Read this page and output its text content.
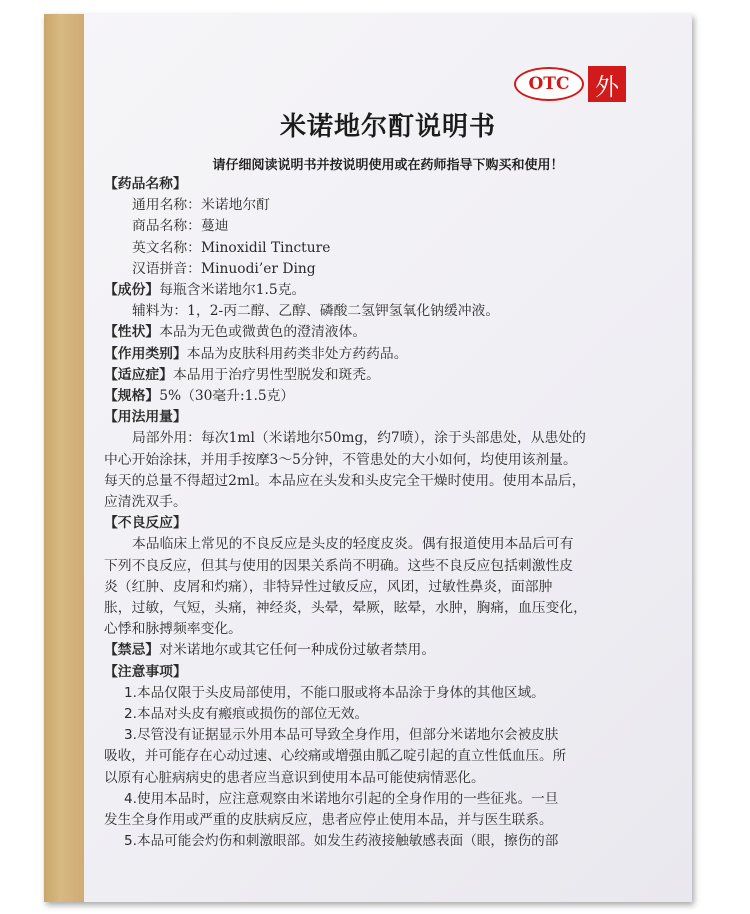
OTC	外
米诺地尔酊说明书
请仔细阅读说明书并按说明使用或在药师指导下购买和使用！
【药品名称】
通用名称：米诺地尔酊
商品名称：蔓迪
英文名称：Minoxidil Tincture
汉语拼音：Minuodi’er Ding
【成份】每瓶含米诺地尔1.5克。
辅料为：1，2-丙二醇、乙醇、磷酸二氢钾氢氧化钠缓冲液。
【性状】本品为无色或微黄色的澄清液体。
【作用类别】本品为皮肤科用药类非处方药药品。
【适应症】本品用于治疗男性型脱发和斑秃。
【规格】5%（30毫升:1.5克）
【用法用量】
局部外用：每次1ml（米诺地尔50mg，约7喷），涂于头部患处，从患处的
中心开始涂抹，并用手按摩3～5分钟，不管患处的大小如何，均使用该剂量。
每天的总量不得超过2ml。本品应在头发和头皮完全干燥时使用。使用本品后，
应清洗双手。
【不良反应】
本品临床上常见的不良反应是头皮的轻度皮炎。偶有报道使用本品后可有
下列不良反应，但其与使用的因果关系尚不明确。这些不良反应包括刺激性皮
炎（红肿、皮屑和灼痛），非特异性过敏反应，风团，过敏性鼻炎，面部肿
胀，过敏，气短，头痛，神经炎，头晕，晕厥，眩晕，水肿，胸痛，血压变化，
心悸和脉搏频率变化。
【禁忌】对米诺地尔或其它任何一种成份过敏者禁用。
【注意事项】
1.本品仅限于头皮局部使用，不能口服或将本品涂于身体的其他区域。
2.本品对头皮有瘢痕或损伤的部位无效。
3.尽管没有证据显示外用本品可导致全身作用，但部分米诺地尔会被皮肤
吸收，并可能存在心动过速、心绞痛或增强由胍乙啶引起的直立性低血压。所
以原有心脏病病史的患者应当意识到使用本品可能使病情恶化。
4.使用本品时，应注意观察由米诺地尔引起的全身作用的一些征兆。一旦
发生全身作用或严重的皮肤病反应，患者应停止使用本品，并与医生联系。
5.本品可能会灼伤和刺激眼部。如发生药液接触敏感表面（眼，擦伤的部
